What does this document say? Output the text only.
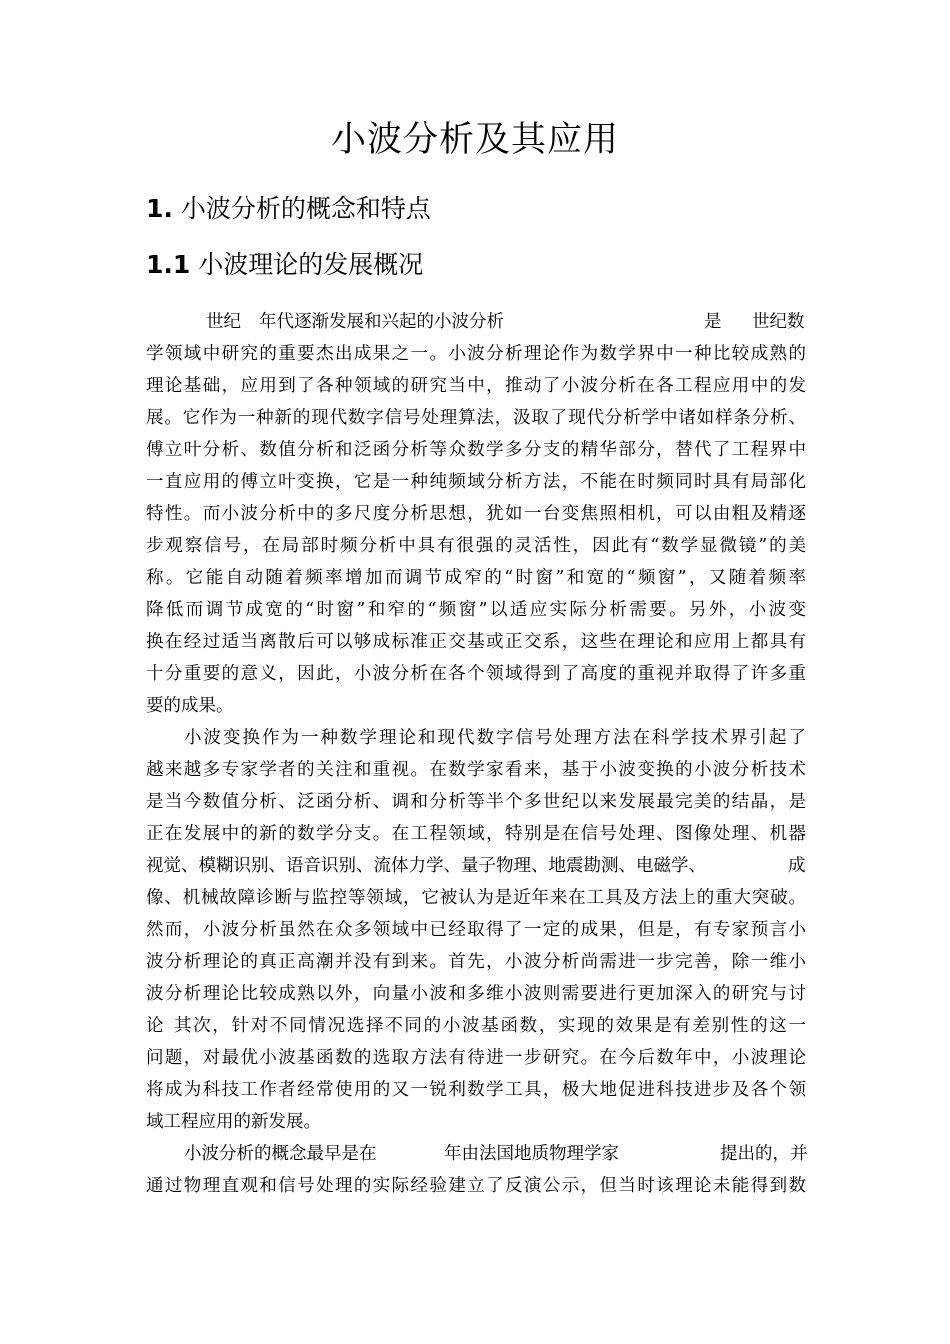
小波分析及其应用
1. 小波分析的概念和特点
1.1 小波理论的发展概况
世纪 年代逐渐发展和兴起的小波分析	是 世纪数
学领域中研究的重要杰出成果之一。小波分析理论作为数学界中一种比较成熟的
理论基础，应用到了各种领域的研究当中，推动了小波分析在各工程应用中的发
展。它作为一种新的现代数字信号处理算法，汲取了现代分析学中诸如样条分析、
傅立叶分析、数值分析和泛函分析等众数学多分支的精华部分，替代了工程界中
一直应用的傅立叶变换，它是一种纯频域分析方法，不能在时频同时具有局部化
特性。而小波分析中的多尺度分析思想，犹如一台变焦照相机，可以由粗及精逐
步观察信号，在局部时频分析中具有很强的灵活性，因此有“数学显微镜”的美
称。它能自动随着频率增加而调节成窄的“时窗”和宽的“频窗”，又随着频率
降低而调节成宽的“时窗”和窄的“频窗”以适应实际分析需要。另外，小波变
换在经过适当离散后可以够成标准正交基或正交系，这些在理论和应用上都具有
十分重要的意义，因此，小波分析在各个领域得到了高度的重视并取得了许多重
要的成果。
小波变换作为一种数学理论和现代数字信号处理方法在科学技术界引起了
越来越多专家学者的关注和重视。在数学家看来，基于小波变换的小波分析技术
是当今数值分析、泛函分析、调和分析等半个多世纪以来发展最完美的结晶，是
正在发展中的新的数学分支。在工程领域，特别是在信号处理、图像处理、机器
视觉、模糊识别、语音识别、流体力学、量子物理、地震勘测、电磁学、	成
像、机械故障诊断与监控等领域，它被认为是近年来在工具及方法上的重大突破。
然而，小波分析虽然在众多领域中已经取得了一定的成果，但是，有专家预言小
波分析理论的真正高潮并没有到来。首先，小波分析尚需进一步完善，除一维小
波分析理论比较成熟以外，向量小波和多维小波则需要进行更加深入的研究与讨
论 其次，针对不同情况选择不同的小波基函数，实现的效果是有差别性的这一
问题，对最优小波基函数的选取方法有待进一步研究。在今后数年中，小波理论
将成为科技工作者经常使用的又一锐利数学工具，极大地促进科技进步及各个领
域工程应用的新发展。
小波分析的概念最早是在	年由法国地质物理学家	提出的，并
通过物理直观和信号处理的实际经验建立了反演公示，但当时该理论未能得到数
